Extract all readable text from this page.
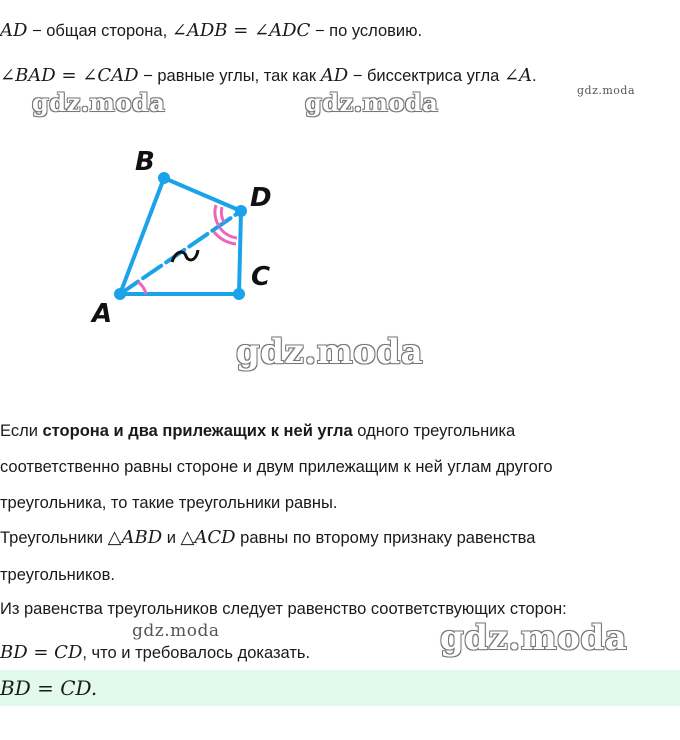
AD − общая сторона, ∠ADB = ∠ADC − по условию.
∠BAD = ∠CAD − равные углы, так как AD − биссектриса угла ∠A.
gdz.moda	gdz.moda	gdz.moda
B
D
C
A
gdz.moda
Если сторона и два прилежащих к ней угла одного треугольника
соответственно равны стороне и двум прилежащим к ней углам другого
треугольника, то такие треугольники равны.
Треугольники △ABD и △ACD равны по второму признаку равенства
треугольников.
Из равенства треугольников следует равенство соответствующих сторон:
gdz.moda
BD = CD, что и требовалось доказать.	gdz.moda
BD = CD.
